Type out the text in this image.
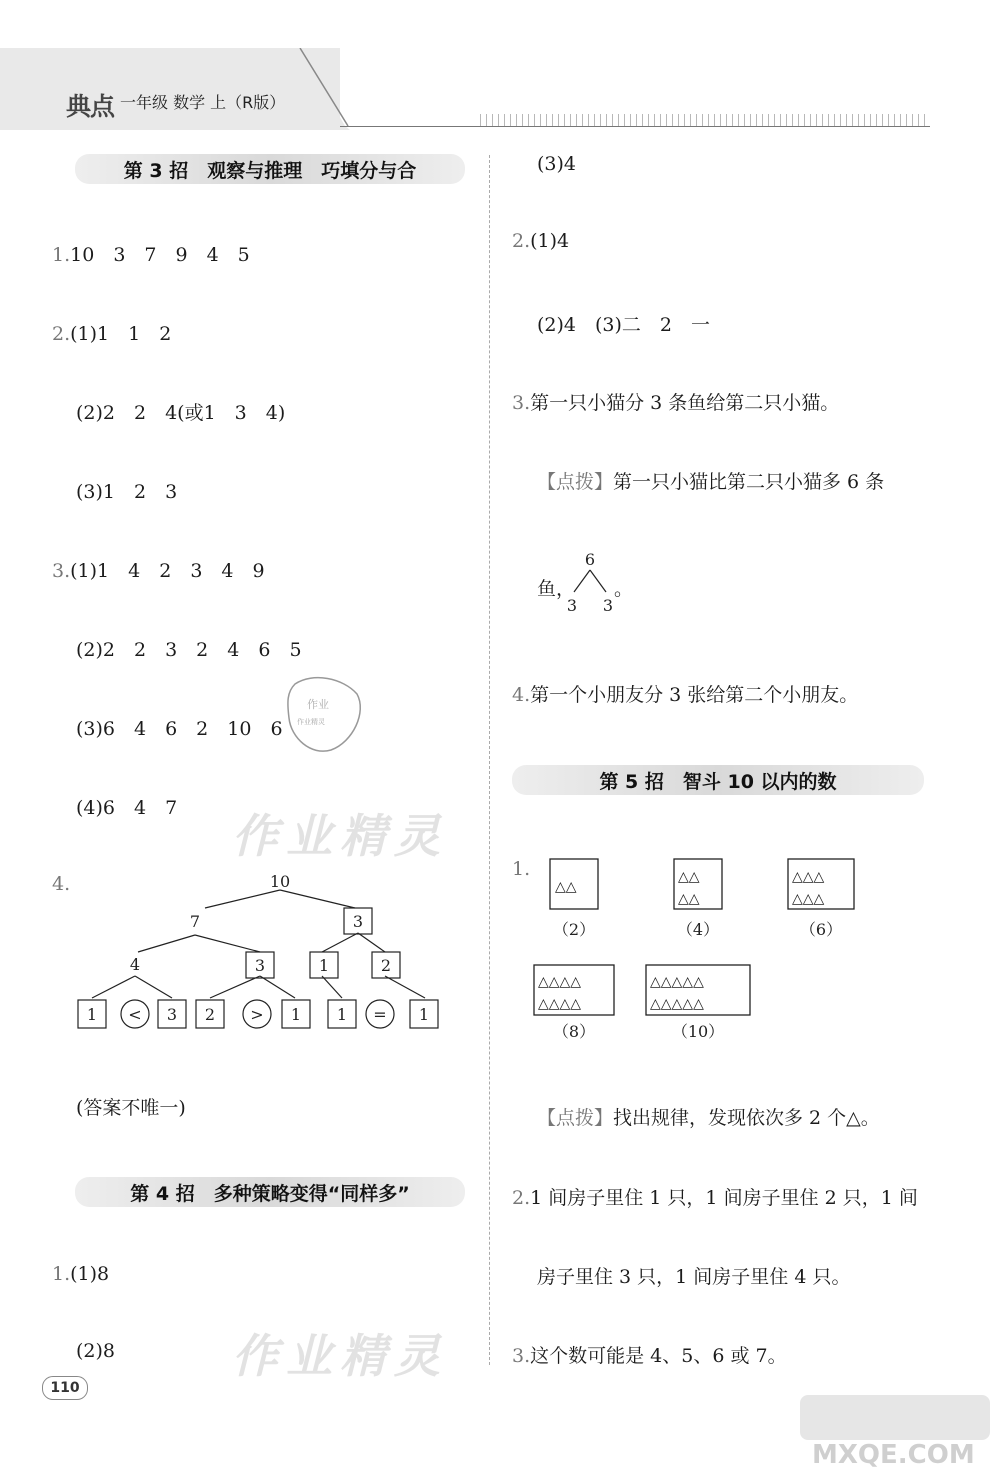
典点 一年级 数学 上（R版）
第 3 招　观察与推理　巧填分与合
1.10　3　7　9　4　5
2.(1)1　1　2
(2)2　2　4(或1　3　4)
(3)1　2　3
3.(1)1　4　2　3　4　9
(2)2　2　3　2　4　6　5
(3)6　4　6　2　10　6
(4)6　4　7
作业
作业精灵
作业精灵
4.	10
7	3
4	3	1	2
1 < 3 2 > 1 1 = 1
(答案不唯一)
第 4 招　多种策略变得“同样多”
1.(1)8
(2)8	作业精灵
110
(3)4
2.(1)4
(2)4　(3)二　2　一
3.第一只小猫分 3 条鱼给第二只小猫。
【点拨】第一只小猫比第二只小猫多 6 条
鱼，
6
3 3
。
4.第一个小朋友分 3 张给第二个小朋友。
第 5 招　智斗 10 以内的数
1.
△△
△△
△△
△△△
△△△
△△△△
△△△△
△△△△△
△△△△△
（2）	（4）	（6）
（8）	（10）
【点拨】找出规律，发现依次多 2 个△。
2.1 间房子里住 1 只，1 间房子里住 2 只，1 间
房子里住 3 只，1 间房子里住 4 只。
3.这个数可能是 4、5、6 或 7。
MXQE.COM
